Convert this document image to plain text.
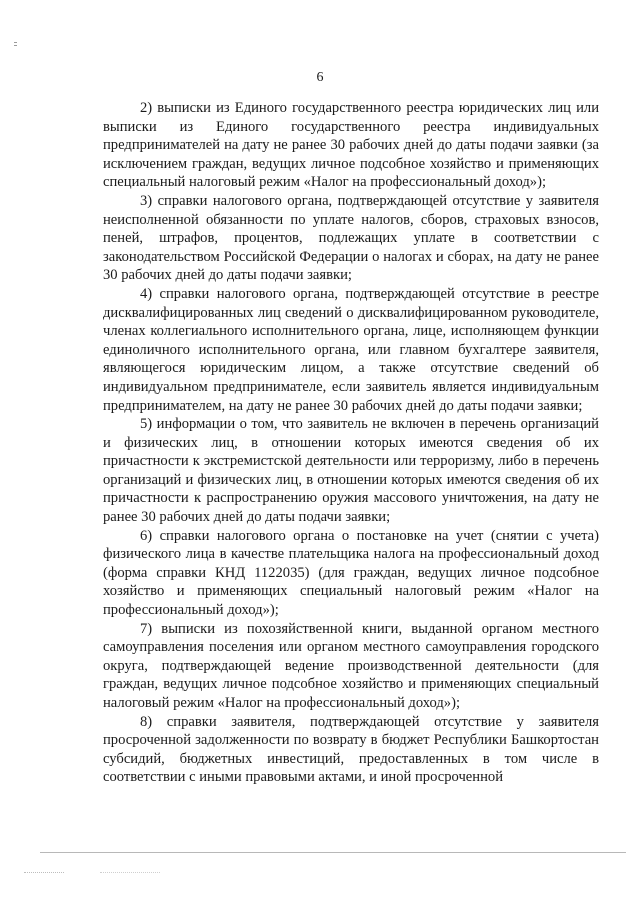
6

2) выписки из Единого государственного реестра юридических лиц или выписки из Единого государственного реестра индивидуальных предпринимателей на дату не ранее 30 рабочих дней до даты подачи заявки (за исключением граждан, ведущих личное подсобное хозяйство и применяющих специальный налоговый режим «Налог на профессиональный доход»);

3) справки налогового органа, подтверждающей отсутствие у заявителя неисполненной обязанности по уплате налогов, сборов, страховых взносов, пеней, штрафов, процентов, подлежащих уплате в соответствии с законодательством Российской Федерации о налогах и сборах, на дату не ранее 30 рабочих дней до даты подачи заявки;

4) справки налогового органа, подтверждающей отсутствие в реестре дисквалифицированных лиц сведений о дисквалифицированном руководителе, членах коллегиального исполнительного органа, лице, исполняющем функции единоличного исполнительного органа, или главном бухгалтере заявителя, являющегося юридическим лицом, а также отсутствие сведений об индивидуальном предпринимателе, если заявитель является индивидуальным предпринимателем, на дату не ранее 30 рабочих дней до даты подачи заявки;

5) информации о том, что заявитель не включен в перечень организаций и физических лиц, в отношении которых имеются сведения об их причастности к экстремистской деятельности или терроризму, либо в перечень организаций и физических лиц, в отношении которых имеются сведения об их причастности к распространению оружия массового уничтожения, на дату не ранее 30 рабочих дней до даты подачи заявки;

6) справки налогового органа о постановке на учет (снятии с учета) физического лица в качестве плательщика налога на профессиональный доход (форма справки КНД 1122035) (для граждан, ведущих личное подсобное хозяйство и применяющих специальный налоговый режим «Налог на профессиональный доход»);

7) выписки из похозяйственной книги, выданной органом местного самоуправления поселения или органом местного самоуправления городского округа, подтверждающей ведение производственной деятельности (для граждан, ведущих личное подсобное хозяйство и применяющих специальный налоговый режим «Налог на профессиональный доход»);

8) справки заявителя, подтверждающей отсутствие у заявителя просроченной задолженности по возврату в бюджет Республики Башкортостан субсидий, бюджетных инвестиций, предоставленных в том числе в соответствии с иными правовыми актами, и иной просроченной
